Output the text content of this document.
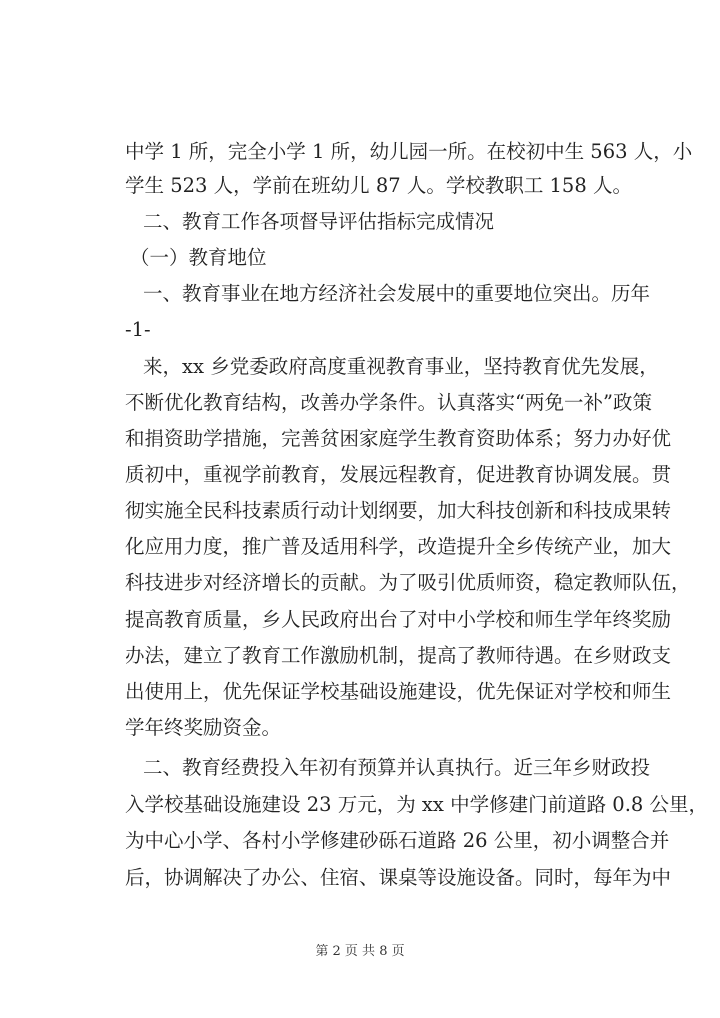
中学 1 所，完全小学 1 所，幼儿园一所。在校初中生 563 人，小
学生 523 人，学前在班幼儿 87 人。学校教职工 158 人。
二、教育工作各项督导评估指标完成情况
（一）教育地位
一、教育事业在地方经济社会发展中的重要地位突出。历年
-1-
来，xx 乡党委政府高度重视教育事业，坚持教育优先发展，
不断优化教育结构，改善办学条件。认真落实“两免一补”政策
和捐资助学措施，完善贫困家庭学生教育资助体系；努力办好优
质初中，重视学前教育，发展远程教育，促进教育协调发展。贯
彻实施全民科技素质行动计划纲要，加大科技创新和科技成果转
化应用力度，推广普及适用科学，改造提升全乡传统产业，加大
科技进步对经济增长的贡献。为了吸引优质师资，稳定教师队伍，
提高教育质量，乡人民政府出台了对中小学校和师生学年终奖励
办法，建立了教育工作激励机制，提高了教师待遇。在乡财政支
出使用上，优先保证学校基础设施建设，优先保证对学校和师生
学年终奖励资金。
二、教育经费投入年初有预算并认真执行。近三年乡财政投
入学校基础设施建设 23 万元，为 xx 中学修建门前道路 0.8 公里，
为中心小学、各村小学修建砂砾石道路 26 公里，初小调整合并
后，协调解决了办公、住宿、课桌等设施设备。同时，每年为中
第 2 页 共 8 页
